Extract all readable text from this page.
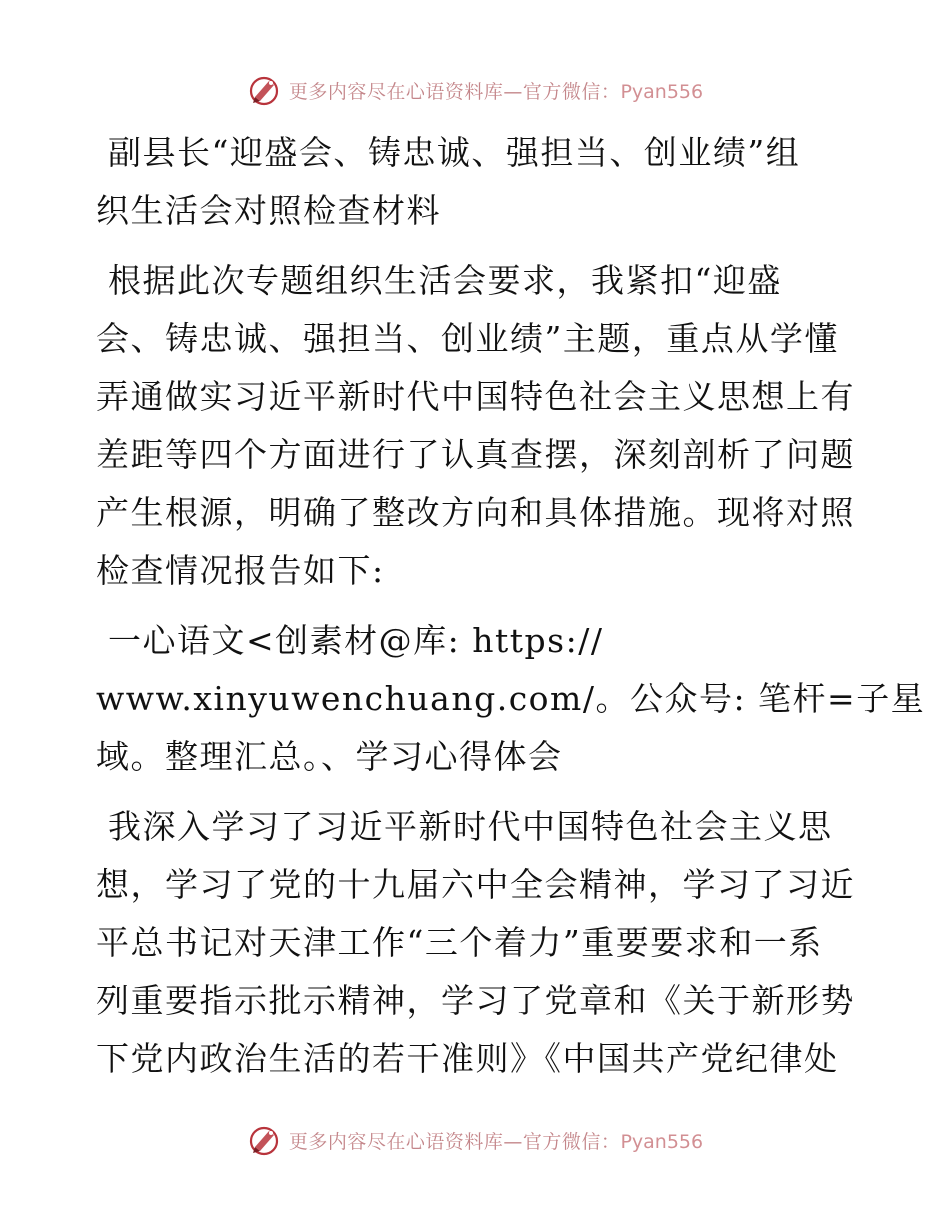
更多内容尽在心语资料库—官方微信：Pyan556
副县长“迎盛会、铸忠诚、强担当、创业绩”组
织生活会对照检查材料
根据此次专题组织生活会要求，我紧扣“迎盛
会、铸忠诚、强担当、创业绩”主题，重点从学懂
弄通做实习近平新时代中国特色社会主义思想上有
差距等四个方面进行了认真查摆，深刻剖析了问题
产生根源，明确了整改方向和具体措施。现将对照
检查情况报告如下:
一心语文<创素材@库: https://
www.xinyuwenchuang.com/。公众号: 笔杆=子星
域。整理汇总。、学习心得体会
我深入学习了习近平新时代中国特色社会主义思
想，学习了党的十九届六中全会精神，学习了习近
平总书记对天津工作“三个着力”重要要求和一系
列重要指示批示精神，学习了党章和《关于新形势
下党内政治生活的若干准则》《中国共产党纪律处
更多内容尽在心语资料库—官方微信：Pyan556
